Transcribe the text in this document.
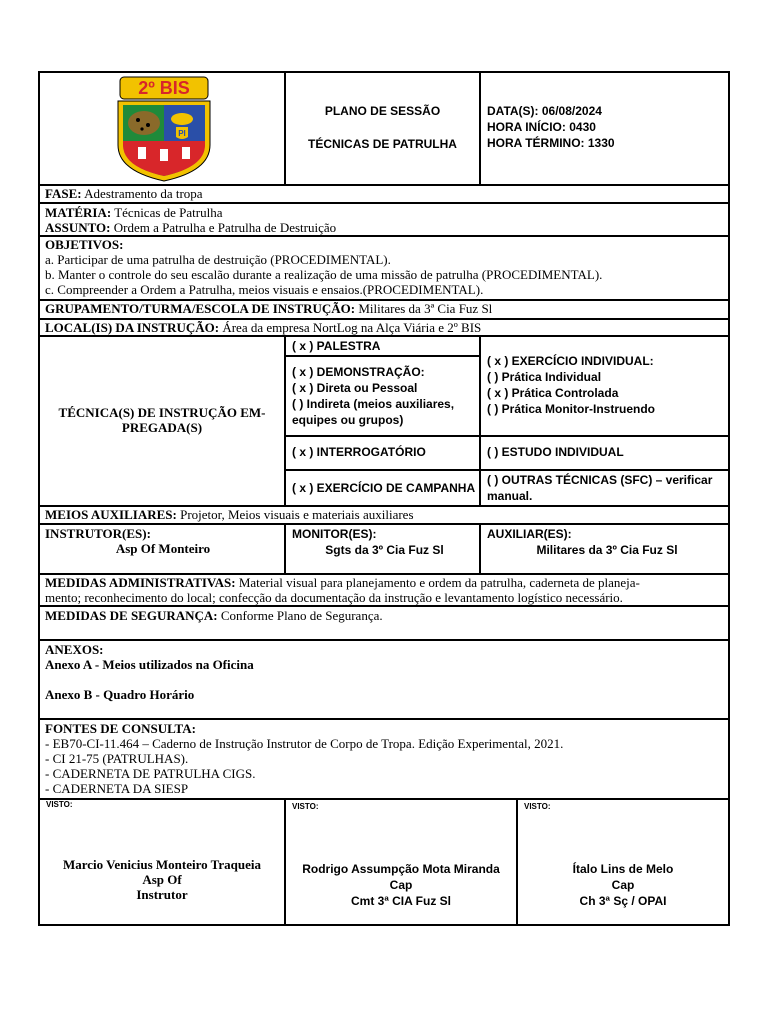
2º BIS
PI
PLANO DE SESSÃO
TÉCNICAS DE PATRULHA
DATA(S): 06/08/2024
HORA INÍCIO: 0430
HORA TÉRMINO: 1330
FASE: Adestramento da tropa
MATÉRIA: Técnicas de Patrulha
ASSUNTO: Ordem a Patrulha e Patrulha de Destruição
OBJETIVOS:
a. Participar de uma patrulha de destruição (PROCEDIMENTAL).
b. Manter o controle do seu escalão durante a realização de uma missão de patrulha (PROCEDIMENTAL).
c. Compreender a Ordem a Patrulha, meios visuais e ensaios.(PROCEDIMENTAL).
GRUPAMENTO/TURMA/ESCOLA DE INSTRUÇÃO: Militares da 3ª Cia Fuz Sl
LOCAL(IS) DA INSTRUÇÃO: Área da empresa NortLog na Alça Viária e 2º BIS
TÉCNICA(S) DE INSTRUÇÃO EM-
PREGADA(S)
( x ) PALESTRA
( x ) DEMONSTRAÇÃO:
( x ) Direta ou Pessoal
( ) Indireta (meios auxiliares,
equipes ou grupos)
( x ) EXERCÍCIO INDIVIDUAL:
( ) Prática Individual
( x ) Prática Controlada
( ) Prática Monitor-Instruendo
( x ) INTERROGATÓRIO	( ) ESTUDO INDIVIDUAL
( x ) EXERCÍCIO DE CAMPANHA
( ) OUTRAS TÉCNICAS (SFC) – verificar
manual.
MEIOS AUXILIARES: Projetor, Meios visuais e materiais auxiliares
INSTRUTOR(ES):
Asp Of Monteiro
MONITOR(ES):
Sgts da 3º Cia Fuz Sl
AUXILIAR(ES):
Militares da 3º Cia Fuz Sl
MEDIDAS ADMINISTRATIVAS: Material visual para planejamento e ordem da patrulha, caderneta de planeja-
mento; reconhecimento do local; confecção da documentação da instrução e levantamento logístico necessário.
MEDIDAS DE SEGURANÇA: Conforme Plano de Segurança.
ANEXOS:
Anexo A - Meios utilizados na Oficina
Anexo B - Quadro Horário
FONTES DE CONSULTA:
- EB70-CI-11.464 – Caderno de Instrução Instrutor de Corpo de Tropa. Edição Experimental, 2021.
- CI 21-75 (PATRULHAS).
- CADERNETA DE PATRULHA CIGS.
- CADERNETA DA SIESP
VISTO:
Marcio Venicius Monteiro Traqueia
Asp Of
Instrutor
VISTO:
Rodrigo Assumpção Mota Miranda
Cap
Cmt 3ª CIA Fuz Sl
VISTO:
Ítalo Lins de Melo
Cap
Ch 3ª Sç / OPAI
